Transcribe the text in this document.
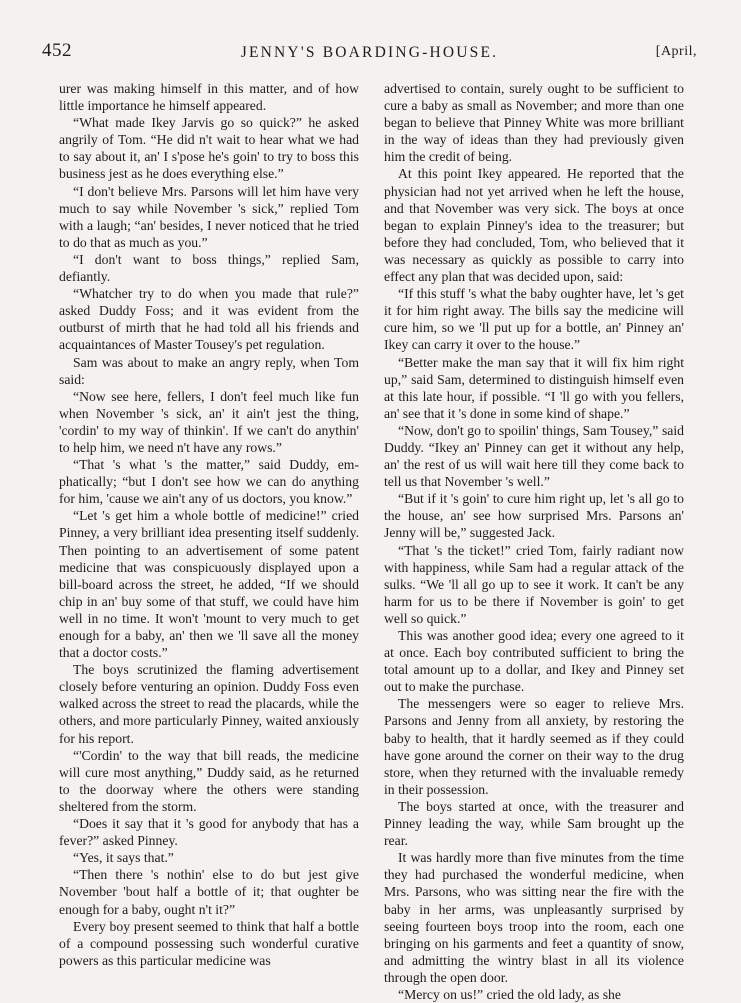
452	JENNY'S BOARDING-HOUSE.	[April,

urer was making himself in this matter, and of how little importance he himself appeared.

“What made Ikey Jarvis go so quick?” he asked angrily of Tom. “He did n't wait to hear what we had to say about it, an' I s'pose he's goin' to try to boss this business jest as he does everything else.”

“I don't believe Mrs. Parsons will let him have very much to say while November 's sick,” replied Tom with a laugh; “an' besides, I never noticed that he tried to do that as much as you.”

“I don't want to boss things,” replied Sam, defiantly.

“Whatcher try to do when you made that rule?” asked Duddy Foss; and it was evident from the outburst of mirth that he had told all his friends and acquaintances of Master Tousey's pet regulation.

Sam was about to make an angry reply, when Tom said:

“Now see here, fellers, I don't feel much like fun when November 's sick, an' it ain't jest the thing, 'cordin' to my way of thinkin'. If we can't do anythin' to help him, we need n't have any rows.”

“That 's what 's the matter,” said Duddy, emphatically; “but I don't see how we can do anything for him, 'cause we ain't any of us doctors, you know.”

“Let 's get him a whole bottle of medicine!” cried Pinney, a very brilliant idea presenting itself suddenly. Then pointing to an advertisement of some patent medicine that was conspicuously displayed upon a bill-board across the street, he added, “If we should chip in an' buy some of that stuff, we could have him well in no time. It won't 'mount to very much to get enough for a baby, an' then we 'll save all the money that a doctor costs.”

The boys scrutinized the flaming advertisement closely before venturing an opinion. Duddy Foss even walked across the street to read the placards, while the others, and more particularly Pinney, waited anxiously for his report.

“'Cordin' to the way that bill reads, the medicine will cure most anything,” Duddy said, as he returned to the doorway where the others were standing sheltered from the storm.

“Does it say that it 's good for anybody that has a fever?” asked Pinney.

“Yes, it says that.”

“Then there 's nothin' else to do but jest give November 'bout half a bottle of it; that oughter be enough for a baby, ought n't it?”

Every boy present seemed to think that half a bottle of a compound possessing such wonderful curative powers as this particular medicine was

advertised to contain, surely ought to be sufficient to cure a baby as small as November; and more than one began to believe that Pinney White was more brilliant in the way of ideas than they had previously given him the credit of being.

At this point Ikey appeared. He reported that the physician had not yet arrived when he left the house, and that November was very sick. The boys at once began to explain Pinney's idea to the treasurer; but before they had concluded, Tom, who believed that it was necessary as quickly as possible to carry into effect any plan that was decided upon, said:

“If this stuff 's what the baby oughter have, let 's get it for him right away. The bills say the medicine will cure him, so we 'll put up for a bottle, an' Pinney an' Ikey can carry it over to the house.”

“Better make the man say that it will fix him right up,” said Sam, determined to distinguish himself even at this late hour, if possible. “I 'll go with you fellers, an' see that it 's done in some kind of shape.”

“Now, don't go to spoilin' things, Sam Tousey,” said Duddy. “Ikey an' Pinney can get it without any help, an' the rest of us will wait here till they come back to tell us that November 's well.”

“But if it 's goin' to cure him right up, let 's all go to the house, an' see how surprised Mrs. Parsons an' Jenny will be,” suggested Jack.

“That 's the ticket!” cried Tom, fairly radiant now with happiness, while Sam had a regular attack of the sulks. “We 'll all go up to see it work. It can't be any harm for us to be there if November is goin' to get well so quick.”

This was another good idea; every one agreed to it at once. Each boy contributed sufficient to bring the total amount up to a dollar, and Ikey and Pinney set out to make the purchase.

The messengers were so eager to relieve Mrs. Parsons and Jenny from all anxiety, by restoring the baby to health, that it hardly seemed as if they could have gone around the corner on their way to the drug store, when they returned with the invaluable remedy in their possession.

The boys started at once, with the treasurer and Pinney leading the way, while Sam brought up the rear.

It was hardly more than five minutes from the time they had purchased the wonderful medicine, when Mrs. Parsons, who was sitting near the fire with the baby in her arms, was unpleasantly surprised by seeing fourteen boys troop into the room, each one bringing on his garments and feet a quantity of snow, and admitting the wintry blast in all its violence through the open door.

“Mercy on us!” cried the old lady, as she
